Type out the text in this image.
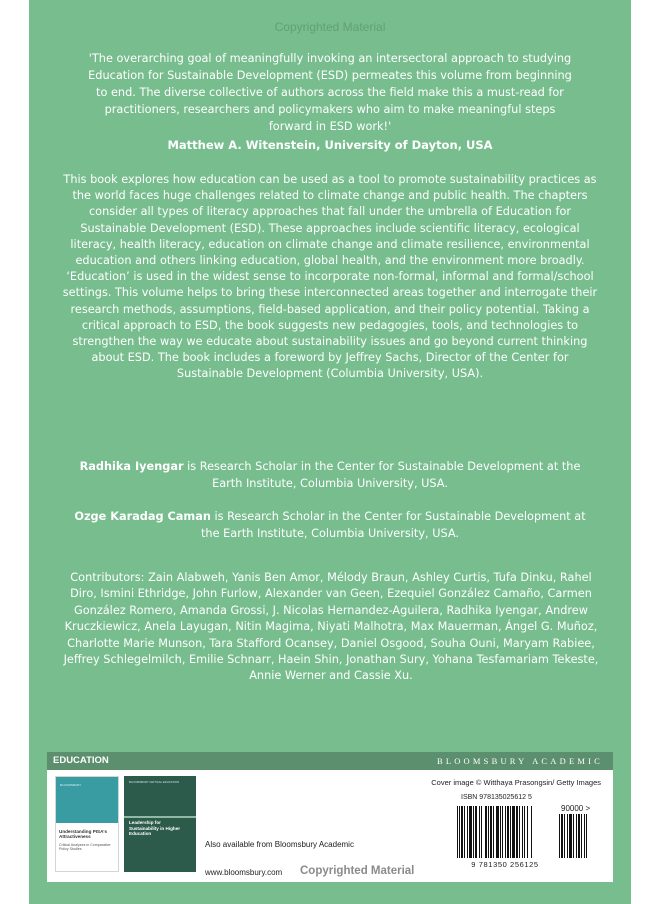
Copyrighted Material
'The overarching goal of meaningfully invoking an intersectoral approach to studying Education for Sustainable Development (ESD) permeates this volume from beginning to end. The diverse collective of authors across the field make this a must-read for practitioners, researchers and policymakers who aim to make meaningful steps forward in ESD work!'
Matthew A. Witenstein, University of Dayton, USA
This book explores how education can be used as a tool to promote sustainability practices as the world faces huge challenges related to climate change and public health. The chapters consider all types of literacy approaches that fall under the umbrella of Education for Sustainable Development (ESD). These approaches include scientific literacy, ecological literacy, health literacy, education on climate change and climate resilience, environmental education and others linking education, global health, and the environment more broadly. ‘Education’ is used in the widest sense to incorporate non-formal, informal and formal/school settings. This volume helps to bring these interconnected areas together and interrogate their research methods, assumptions, field-based application, and their policy potential. Taking a critical approach to ESD, the book suggests new pedagogies, tools, and technologies to strengthen the way we educate about sustainability issues and go beyond current thinking about ESD. The book includes a foreword by Jeffrey Sachs, Director of the Center for Sustainable Development (Columbia University, USA).
Radhika Iyengar is Research Scholar in the Center for Sustainable Development at the Earth Institute, Columbia University, USA.
Ozge Karadag Caman is Research Scholar in the Center for Sustainable Development at the Earth Institute, Columbia University, USA.
Contributors: Zain Alabweh, Yanis Ben Amor, Mélody Braun, Ashley Curtis, Tufa Dinku, Rahel Diro, Ismini Ethridge, John Furlow, Alexander van Geen, Ezequiel González Camaño, Carmen González Romero, Amanda Grossi, J. Nicolas Hernandez-Aguilera, Radhika Iyengar, Andrew Kruczkiewicz, Anela Layugan, Nitin Magima, Niyati Malhotra, Max Mauerman, Ángel G. Muñoz, Charlotte Marie Munson, Tara Stafford Ocansey, Daniel Osgood, Souha Ouni, Maryam Rabiee, Jeffrey Schlegelmilch, Emilie Schnarr, Haein Shin, Jonathan Sury, Yohana Tesfamariam Tekeste, Annie Werner and Cassie Xu.
EDUCATION	BLOOMSBURY ACADEMIC
BLOOMSBURY
Understanding PISA's Attractiveness
Critical Analyses in Comparative Policy Studies
BLOOMSBURY CRITICAL EDUCATION
Leadership for Sustainability in Higher Education
Also available from Bloomsbury Academic
www.bloomsbury.com Copyrighted Material
Cover image © Witthaya Prasongsin/ Getty Images
ISBN 978135025612 5
90000 >
9 781350 256125
